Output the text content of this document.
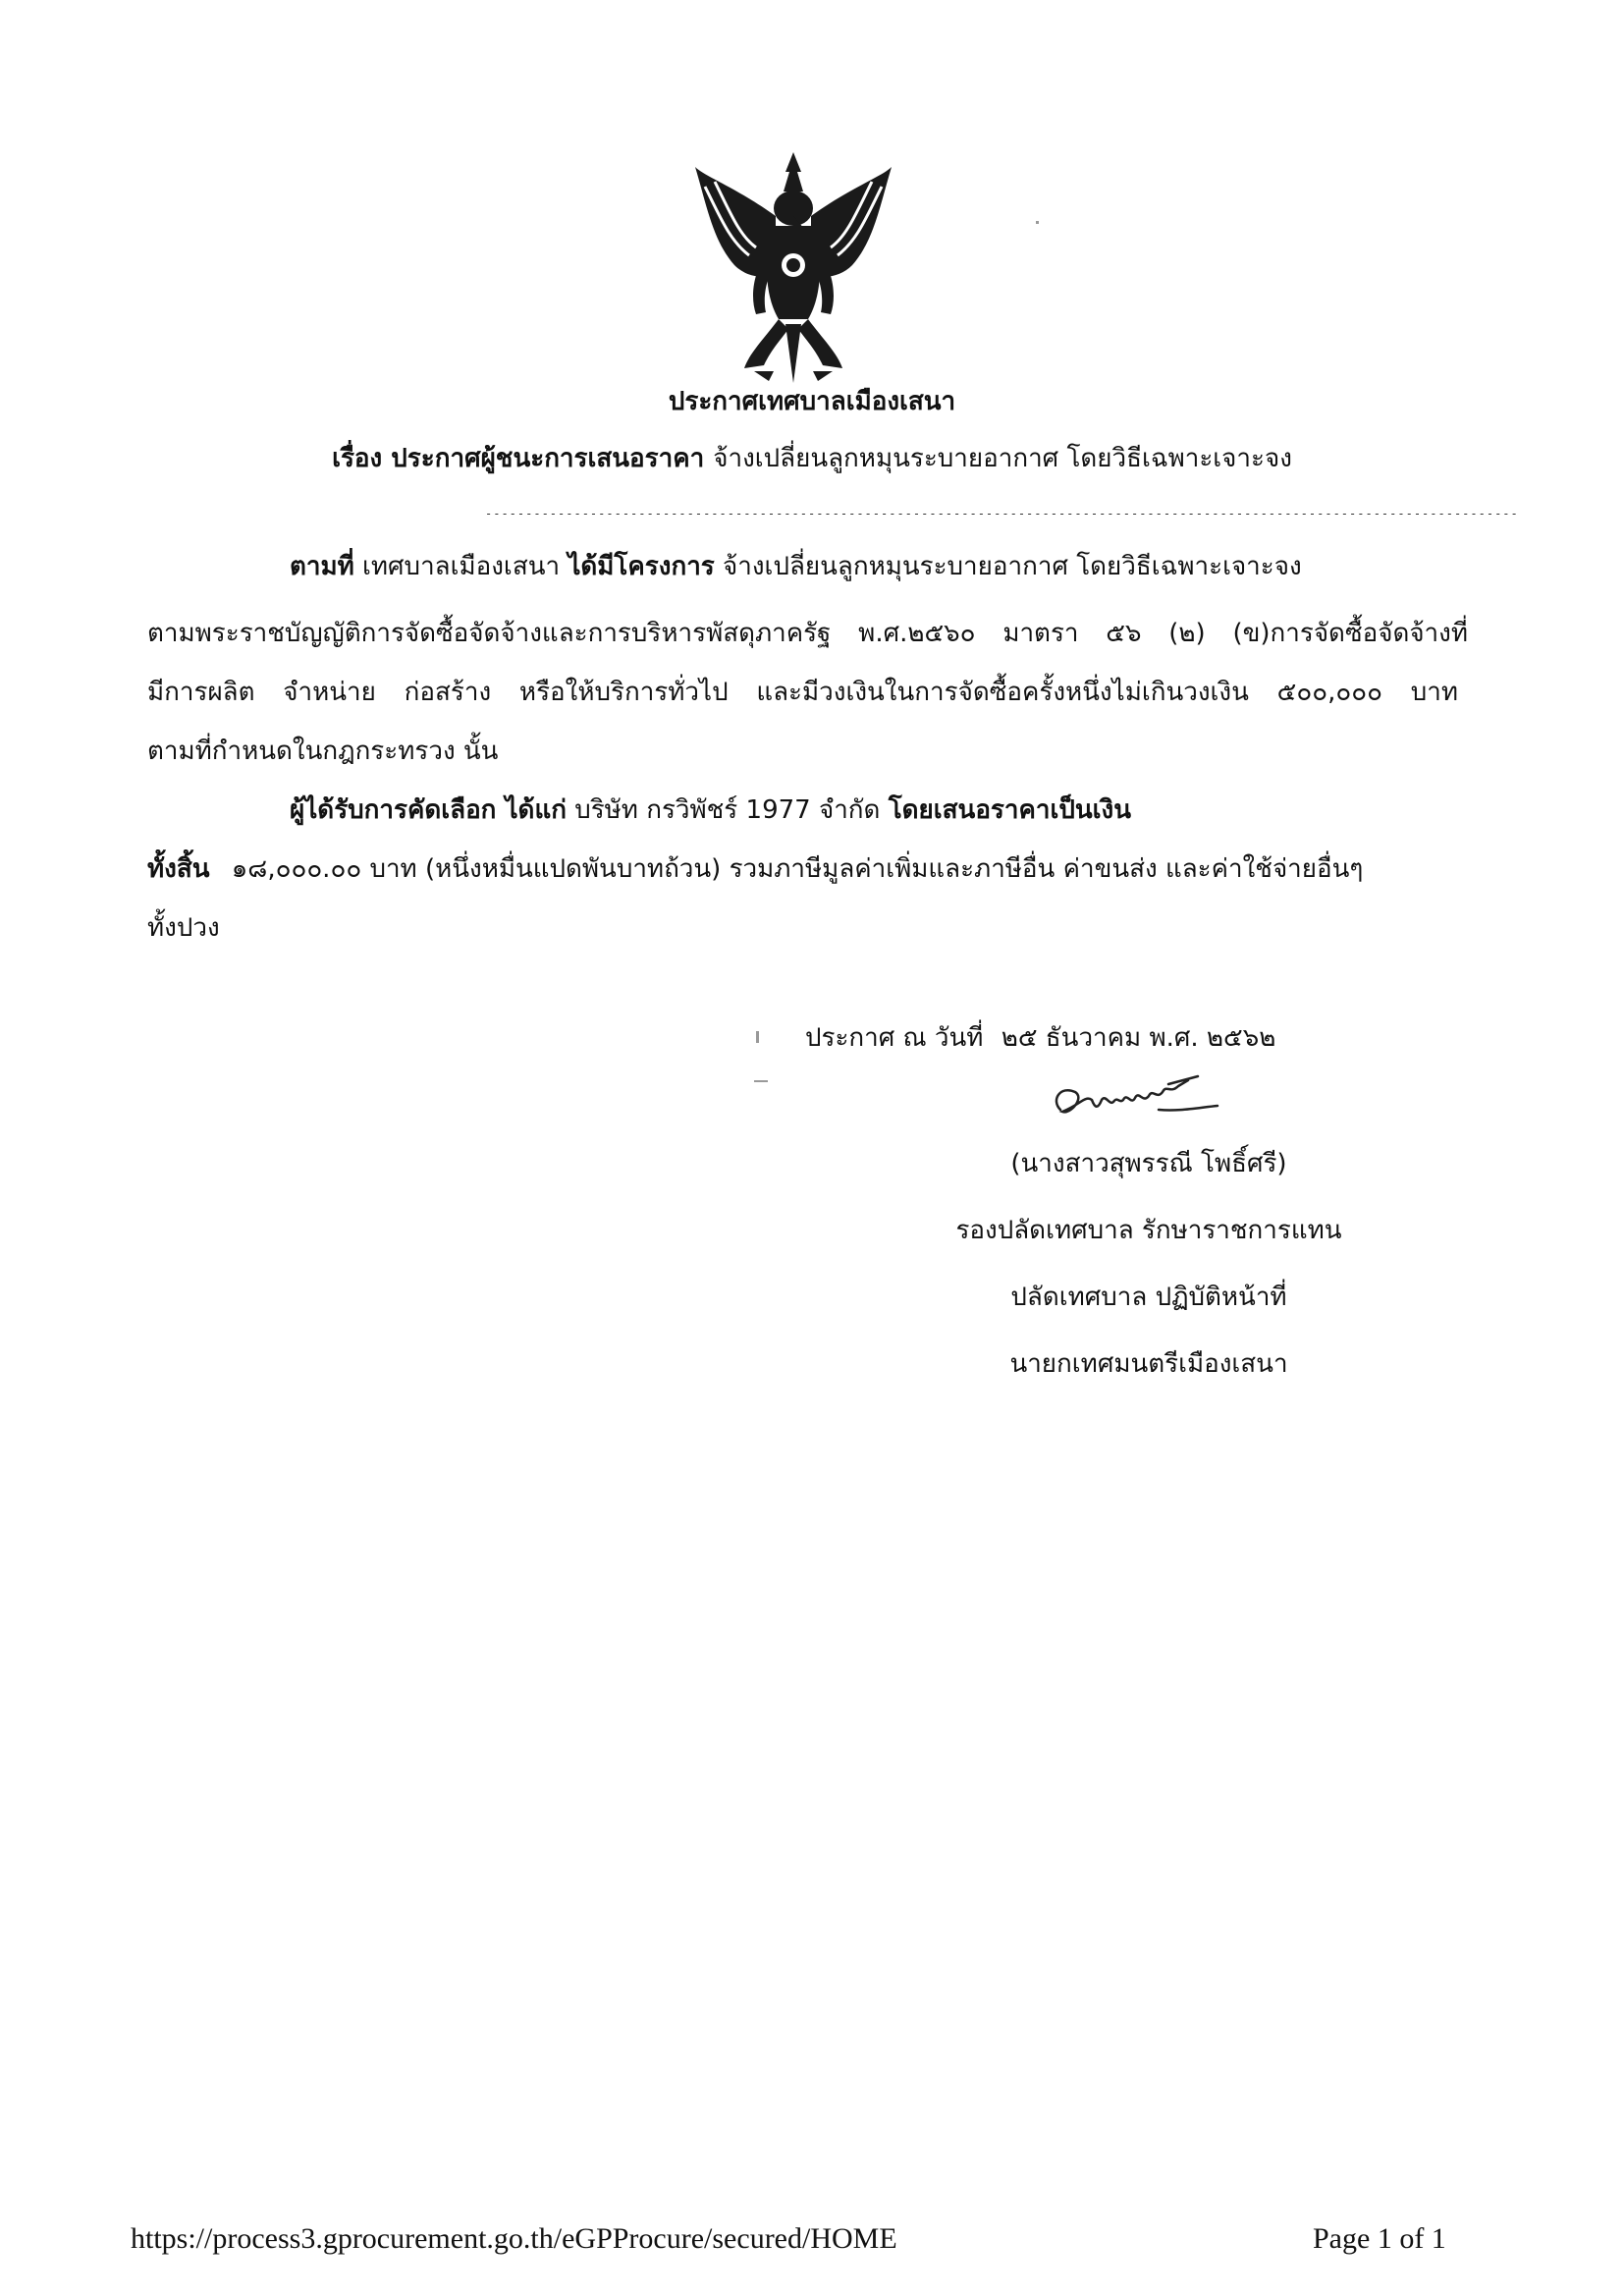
ประกาศเทศบาลเมืองเสนา
เรื่อง ประกาศผู้ชนะการเสนอราคา จ้างเปลี่ยนลูกหมุนระบายอากาศ โดยวิธีเฉพาะเจาะจง
--------------------------------------------------------------------------------------------------------------------------------
ตามที่ เทศบาลเมืองเสนา ได้มีโครงการ จ้างเปลี่ยนลูกหมุนระบายอากาศ โดยวิธีเฉพาะเจาะจง
ตามพระราชบัญญัติการจัดซื้อจัดจ้างและการบริหารพัสดุภาครัฐ พ.ศ.๒๕๖๐ มาตรา ๕๖ (๒) (ข)การจัดซื้อจัดจ้างที่
มีการผลิต จำหน่าย ก่อสร้าง หรือให้บริการทั่วไป และมีวงเงินในการจัดซื้อครั้งหนึ่งไม่เกินวงเงิน ๕๐๐,๐๐๐ บาท
ตามที่กำหนดในกฎกระทรวง นั้น
ผู้ได้รับการคัดเลือก ได้แก่ บริษัท กรวิพัชร์ 1977 จำกัด โดยเสนอราคาเป็นเงิน
ทั้งสิ้น ๑๘,๐๐๐.๐๐ บาท (หนึ่งหมื่นแปดพันบาทถ้วน) รวมภาษีมูลค่าเพิ่มและภาษีอื่น ค่าขนส่ง และค่าใช้จ่ายอื่นๆ
ทั้งปวง
ประกาศ ณ วันที่ ๒๕ ธันวาคม พ.ศ. ๒๕๖๒
(นางสาวสุพรรณี โพธิ์ศรี)
รองปลัดเทศบาล รักษาราชการแทน
ปลัดเทศบาล ปฏิบัติหน้าที่
นายกเทศมนตรีเมืองเสนา
https://process3.gprocurement.go.th/eGPProcure/secured/HOME	Page 1 of 1
